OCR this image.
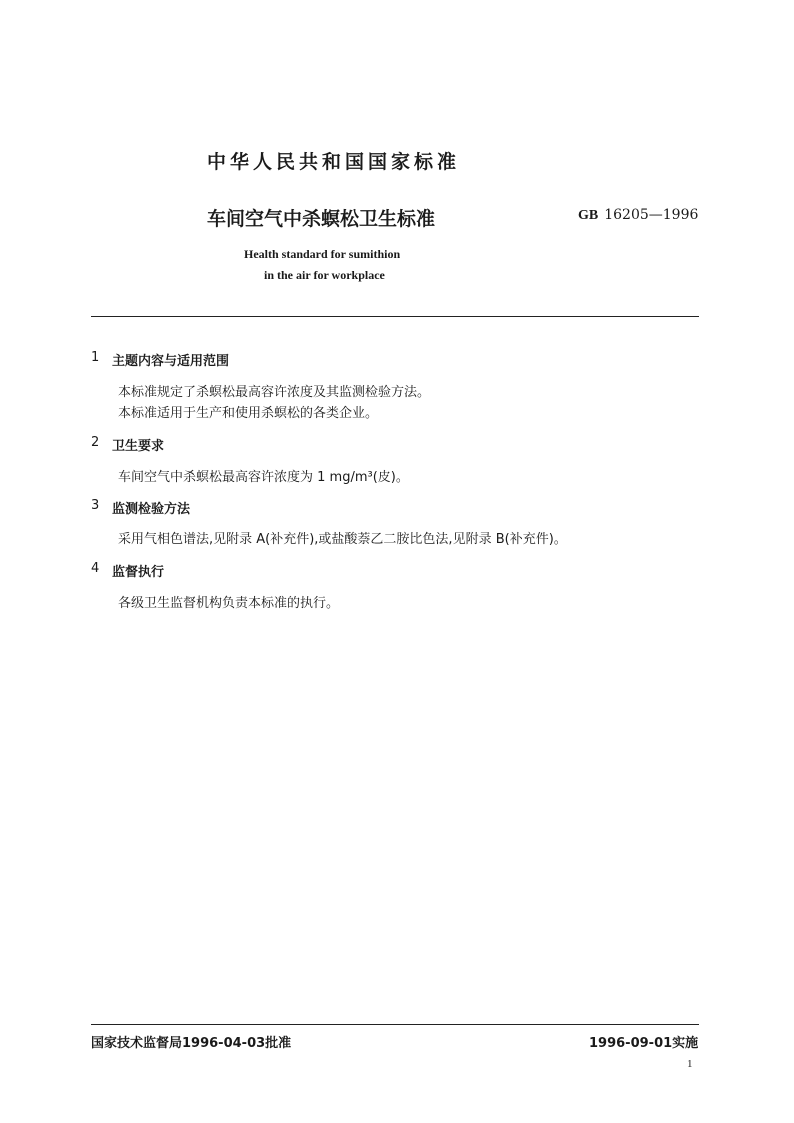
中华人民共和国国家标准
车间空气中杀螟松卫生标准	GB 16205—1996
Health standard for sumithion
in the air for workplace
1 主题内容与适用范围
本标准规定了杀螟松最高容许浓度及其监测检验方法。
本标准适用于生产和使用杀螟松的各类企业。
2 卫生要求
车间空气中杀螟松最高容许浓度为 1 mg/m³(皮)。
3 监测检验方法
采用气相色谱法,见附录 A(补充件),或盐酸萘乙二胺比色法,见附录 B(补充件)。
4 监督执行
各级卫生监督机构负责本标准的执行。
国家技术监督局1996-04-03批准	1996-09-01实施
1
